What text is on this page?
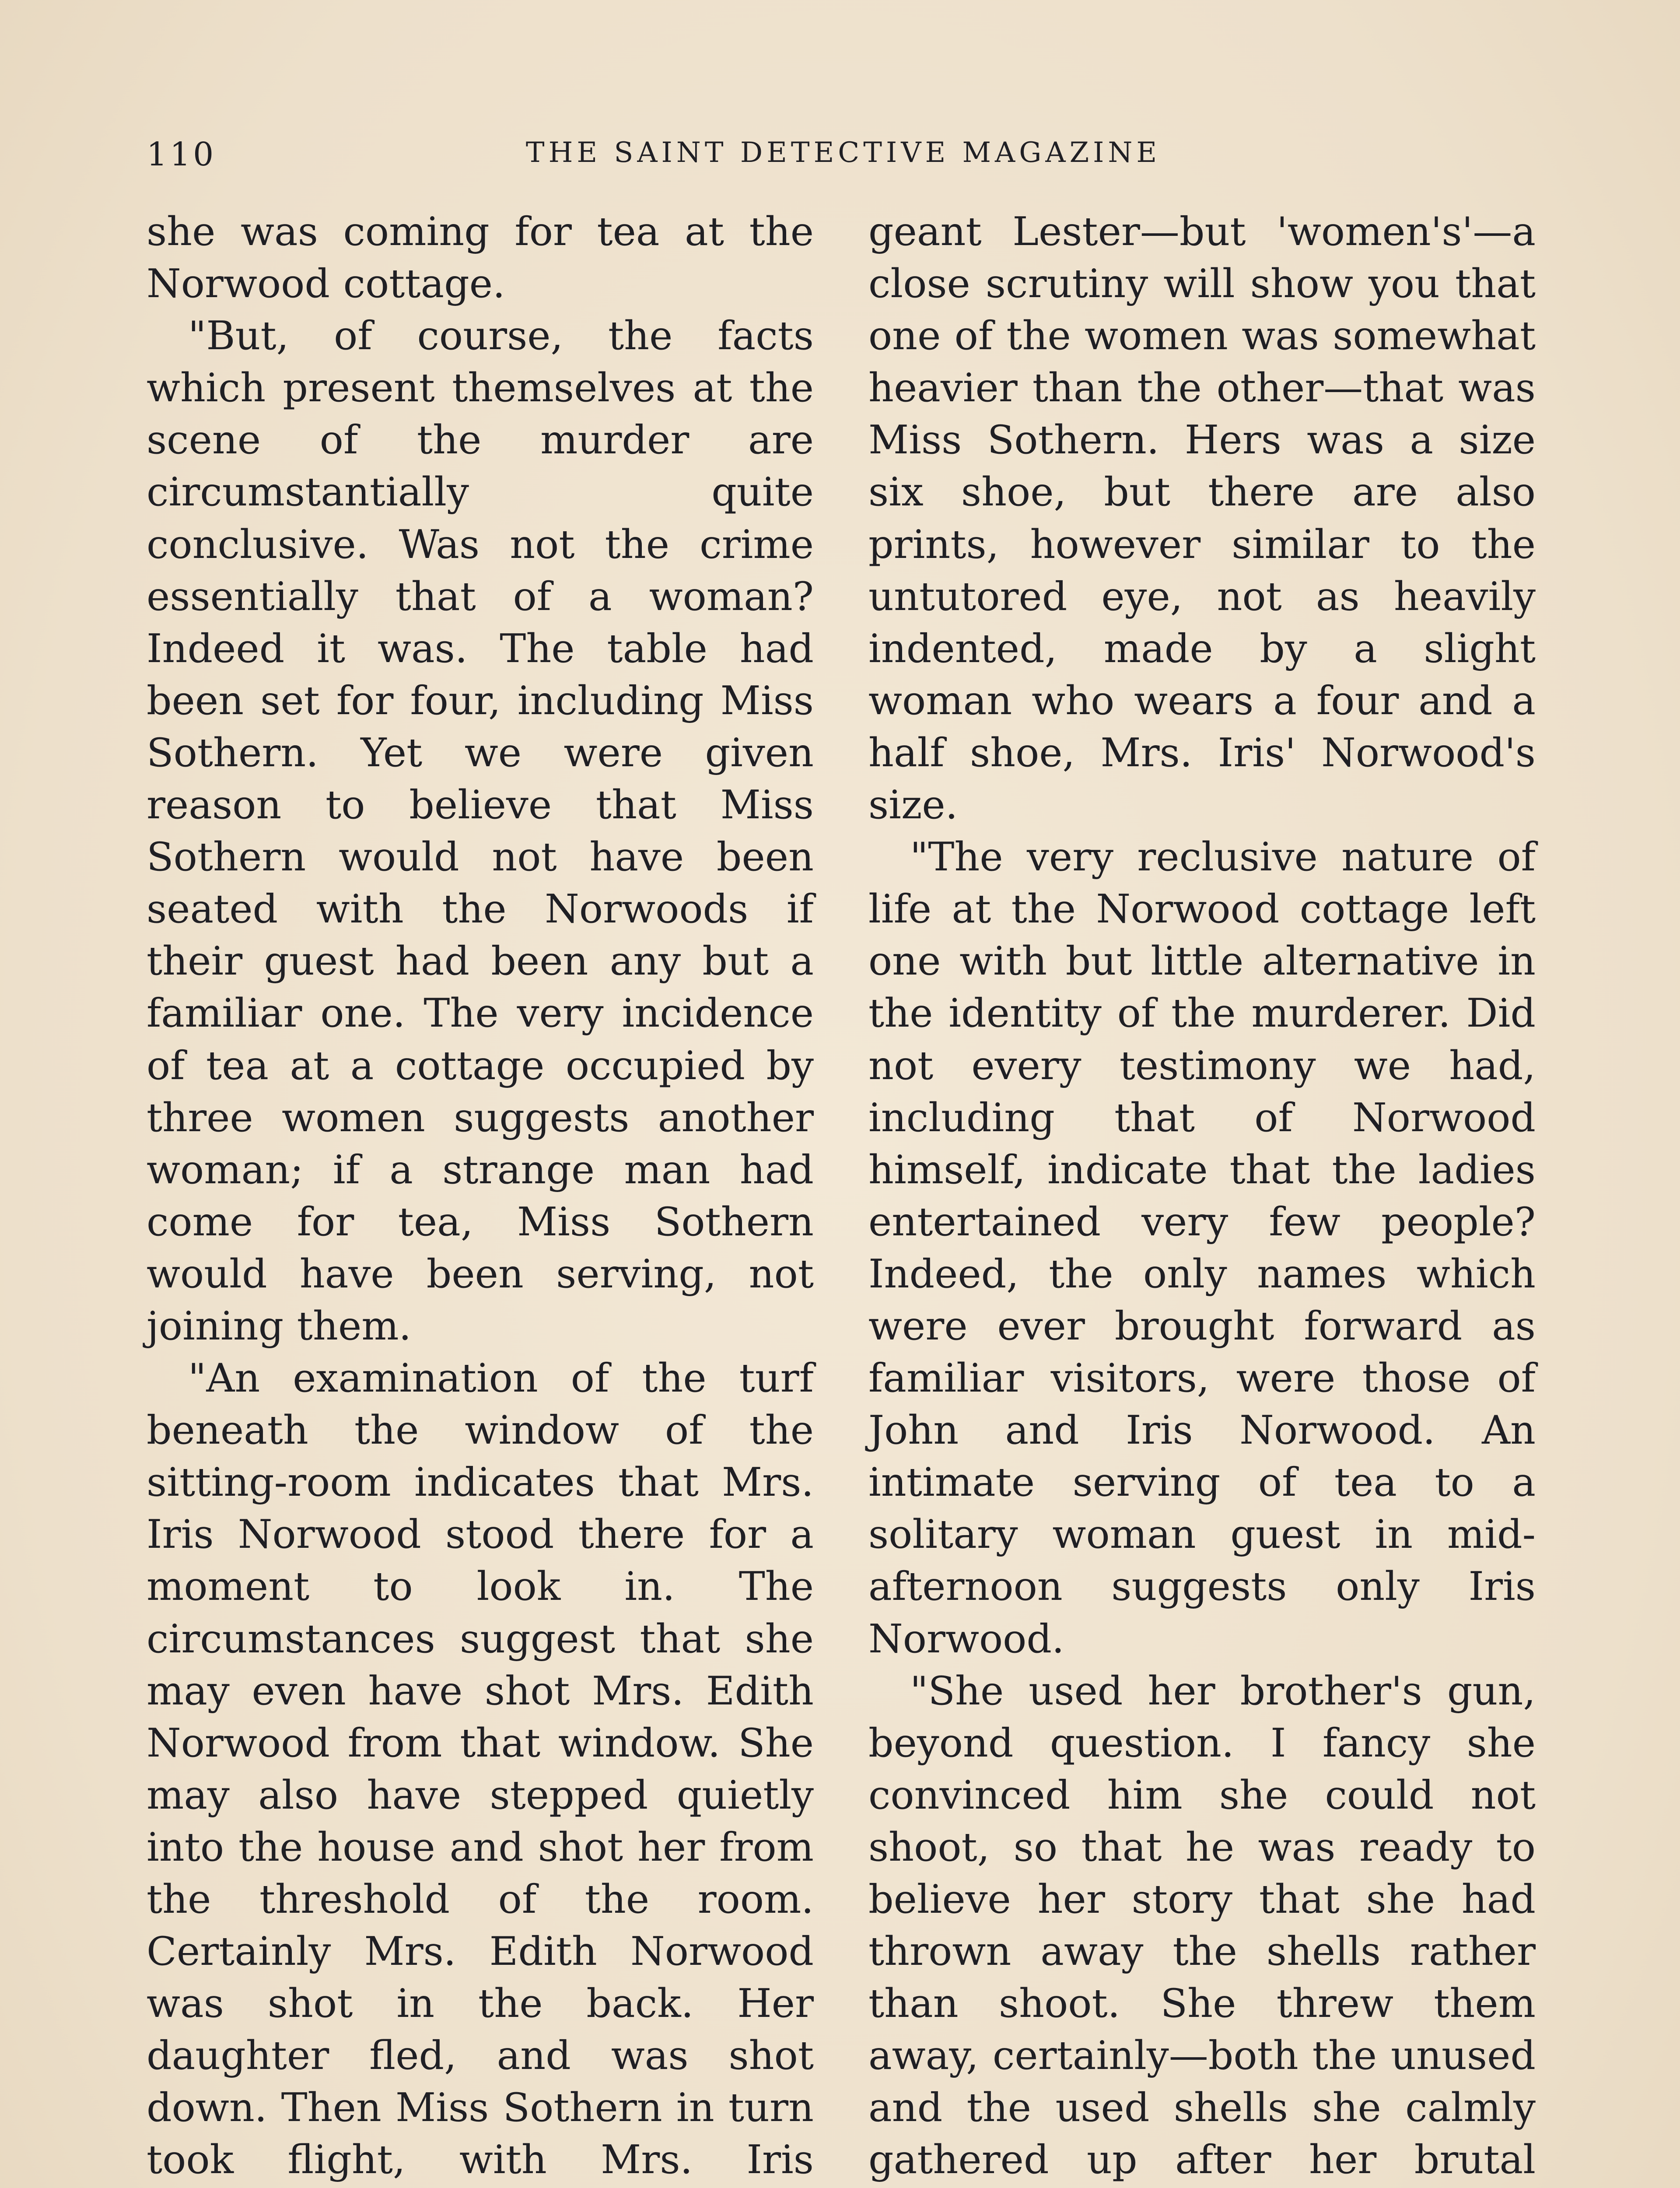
110	THE SAINT DETECTIVE MAGAZINE

she was coming for tea at the Norwood cottage.

"But, of course, the facts which present themselves at the scene of the murder are circumstantially quite conclusive. Was not the crime essentially that of a woman? Indeed it was. The table had been set for four, including Miss Sothern. Yet we were given reason to believe that Miss Sothern would not have been seated with the Norwoods if their guest had been any but a familiar one. The very incidence of tea at a cottage occupied by three women suggests another woman; if a strange man had come for tea, Miss Sothern would have been serving, not joining them.

"An examination of the turf beneath the window of the sitting-room indicates that Mrs. Iris Norwood stood there for a moment to look in. The circumstances suggest that she may even have shot Mrs. Edith Norwood from that window. She may also have stepped quietly into the house and shot her from the threshold of the room. Certainly Mrs. Edith Norwood was shot in the back. Her daughter fled, and was shot down. Then Miss Sothern in turn took flight, with Mrs. Iris

geant Lester—but 'women's'—a close scrutiny will show you that one of the women was somewhat heavier than the other—that was Miss Sothern. Hers was a size six shoe, but there are also prints, however similar to the untutored eye, not as heavily indented, made by a slight woman who wears a four and a half shoe, Mrs. Iris' Norwood's size.

"The very reclusive nature of life at the Norwood cottage left one with but little alternative in the identity of the murderer. Did not every testimony we had, including that of Norwood himself, indicate that the ladies entertained very few people? Indeed, the only names which were ever brought forward as familiar visitors, were those of John and Iris Norwood. An intimate serving of tea to a solitary woman guest in mid-afternoon suggests only Iris Norwood.

"She used her brother's gun, beyond question. I fancy she convinced him she could not shoot, so that he was ready to believe her story that she had thrown away the shells rather than shoot. She threw them away, certainly—both the unused and the used shells she calmly gathered up after her brutal
